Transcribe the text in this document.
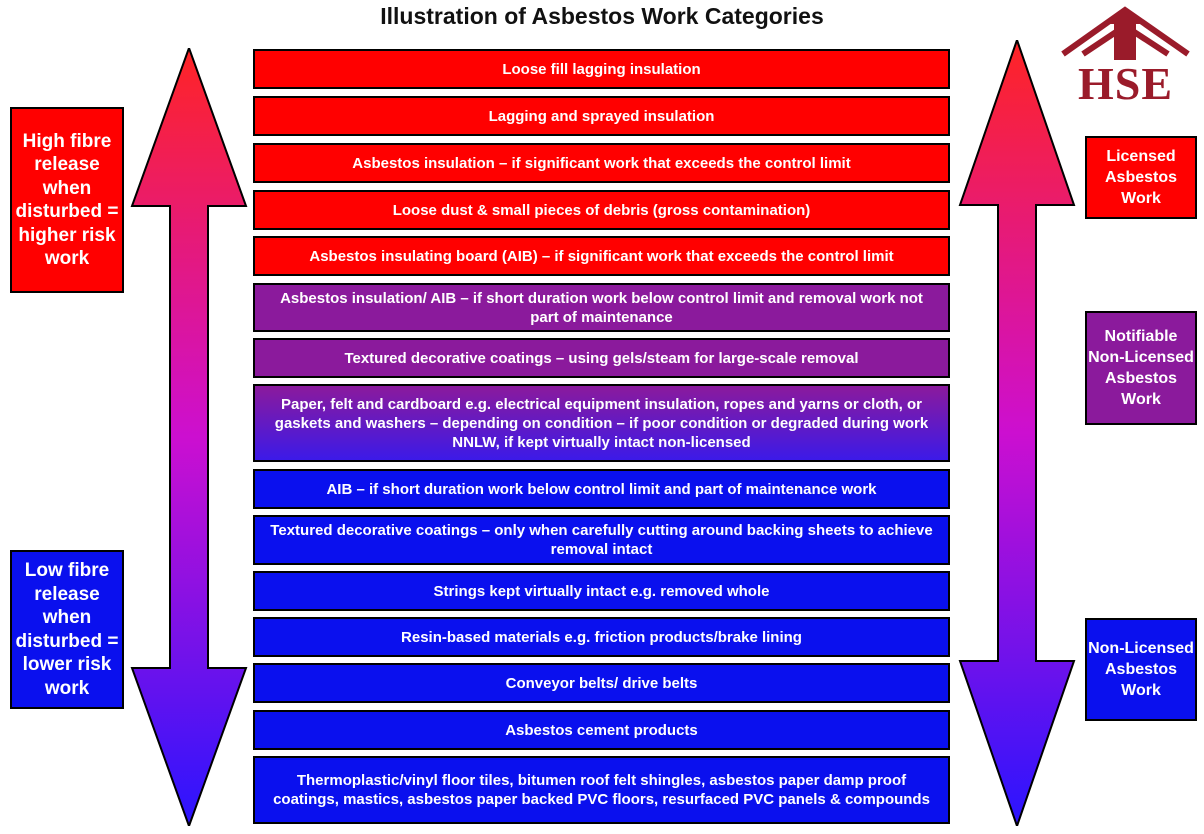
Illustration of Asbestos Work Categories
HSE
High fibre release when disturbed = higher risk work
Low fibre release when disturbed = lower risk work
Licensed Asbestos Work
Notifiable Non-Licensed Asbestos Work
Non-Licensed Asbestos Work
Loose fill lagging insulation
Lagging and sprayed insulation
Asbestos insulation – if significant work that exceeds the control limit
Loose dust & small pieces of debris (gross contamination)
Asbestos insulating board (AIB) – if significant work that exceeds the control limit
Asbestos insulation/ AIB – if short duration work below control limit and removal work not part of maintenance
Textured decorative coatings – using gels/steam for large-scale removal
Paper, felt and cardboard e.g. electrical equipment insulation, ropes and yarns or cloth, or gaskets and washers – depending on condition – if poor condition or degraded during work NNLW, if kept virtually intact non-licensed
AIB – if short duration work below control limit and part of maintenance work
Textured decorative coatings – only when carefully cutting around backing sheets to achieve removal intact
Strings kept virtually intact e.g. removed whole
Resin-based materials e.g. friction products/brake lining
Conveyor belts/ drive belts
Asbestos cement products
Thermoplastic/vinyl floor tiles, bitumen roof felt shingles, asbestos paper damp proof coatings, mastics, asbestos paper backed PVC floors, resurfaced PVC panels & compounds
